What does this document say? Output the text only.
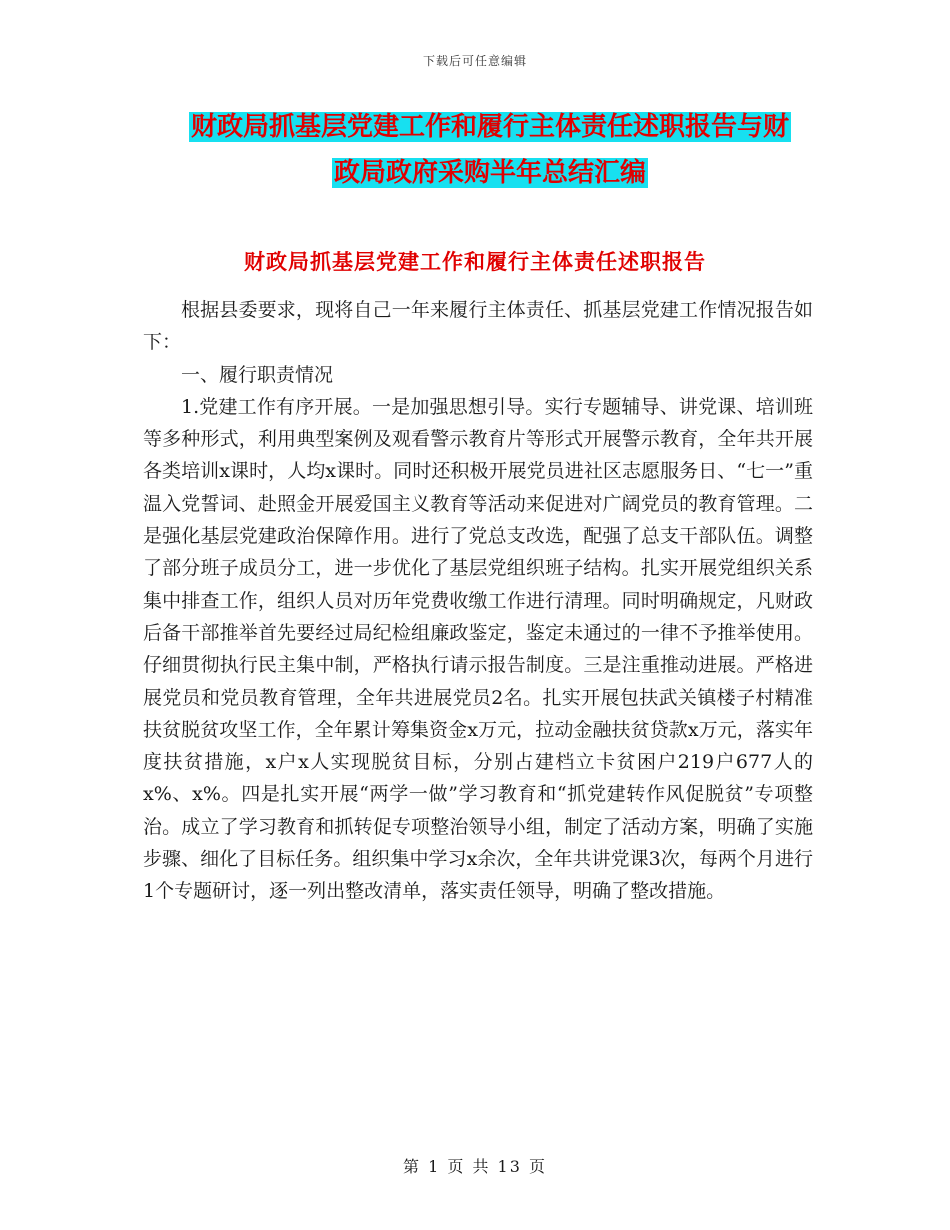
下载后可任意编辑
财政局抓基层党建工作和履行主体责任述职报告与财
政局政府采购半年总结汇编
财政局抓基层党建工作和履行主体责任述职报告

根据县委要求，现将自己一年来履行主体责任、抓基层党建工作情况报告如下：

一、履行职责情况

1.党建工作有序开展。一是加强思想引导。实行专题辅导、讲党课、培训班等多种形式，利用典型案例及观看警示教育片等形式开展警示教育，全年共开展各类培训x课时，人均x课时。同时还积极开展党员进社区志愿服务日、“七一”重温入党誓词、赴照金开展爱国主义教育等活动来促进对广阔党员的教育管理。二是强化基层党建政治保障作用。进行了党总支改选，配强了总支干部队伍。调整了部分班子成员分工，进一步优化了基层党组织班子结构。扎实开展党组织关系集中排查工作，组织人员对历年党费收缴工作进行清理。同时明确规定，凡财政后备干部推举首先要经过局纪检组廉政鉴定，鉴定未通过的一律不予推举使用。仔细贯彻执行民主集中制，严格执行请示报告制度。三是注重推动进展。严格进展党员和党员教育管理，全年共进展党员2名。扎实开展包扶武关镇楼子村精准扶贫脱贫攻坚工作，全年累计筹集资金x万元，拉动金融扶贫贷款x万元，落实年度扶贫措施，x户x人实现脱贫目标，分别占建档立卡贫困户219户677人的x%、x%。四是扎实开展“两学一做”学习教育和“抓党建转作风促脱贫”专项整治。成立了学习教育和抓转促专项整治领导小组，制定了活动方案，明确了实施步骤、细化了目标任务。组织集中学习x余次，全年共讲党课3次，每两个月进行1个专题研讨，逐一列出整改清单，落实责任领导，明确了整改措施。

第 1 页 共 13 页
